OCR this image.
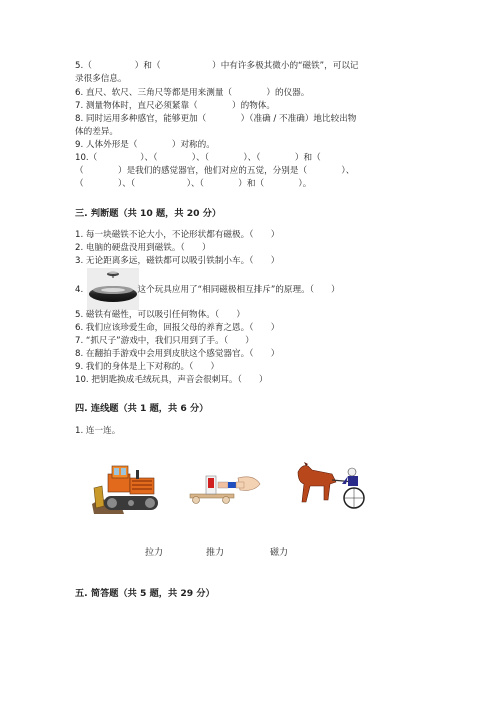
5.（　　　　　）和（　　　　　　）中有许多极其微小的“磁铁”，可以记
录很多信息。
6. 直尺、软尺、三角尺等都是用来测量（　　　　）的仪器。
7. 测量物体时，直尺必须紧靠（　　　　）的物体。
8. 同时运用多种感官，能够更加（　　　　）（准确 / 不准确）地比较出物
体的差异。
9. 人体外形是（　　　　）对称的。
10.（　　　　　）、（　　　　）、（　　　　）、（　　　　）和（
（　　　　）是我们的感觉器官，他们对应的五觉，分别是（　　　　）、
（　　　　）、（　　　　　　）、（　　　　）和（　　　　）。
三. 判断题（共 10 题，共 20 分）
1. 每一块磁铁不论大小，不论形状都有磁极。（　　）
2. 电脑的硬盘没用到磁铁。（　　）
3. 无论距离多远，磁铁都可以吸引铁制小车。（　　）
4.　　　　　　 这个玩具应用了“相同磁极相互排斥”的原理。（　　）
5. 磁铁有磁性，可以吸引任何物体。（　　）
6. 我们应该珍爱生命，回报父母的养育之恩。（　　）
7. “抓尺子”游戏中，我们只用到了手。（　　）
8. 在翻拍手游戏中会用到皮肤这个感觉器官。（　　）
9. 我们的身体是上下对称的。（　　）
10. 把钥匙换成毛绒玩具，声音会很刺耳。（　　）
四. 连线题（共 1 题，共 6 分）
1. 连一连。
拉力	推力	磁力
五. 简答题（共 5 题，共 29 分）
